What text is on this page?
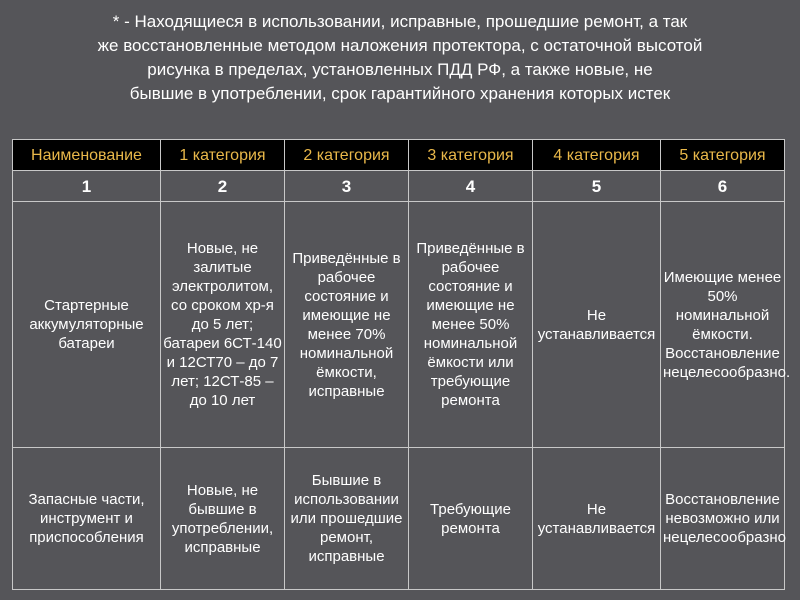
* - Находящиеся в использовании, исправные, прошедшие ремонт, а так
же восстановленные методом наложения протектора, с остаточной высотой
рисунка в пределах, установленных ПДД РФ, а также новые, не
бывшие в употреблении, срок гарантийного хранения которых истек
Наименование	1 категория	2 категория	3 категория	4 категория	5 категория
1	2	3	4	5	6
Стартерные аккумуляторные батареи	Новые, не залитые электролитом, со сроком хр-я до 5 лет; батареи 6СТ-140 и 12СТ70 – до 7 лет; 12СТ-85 – до 10 лет	Приведённые в рабочее состояние и имеющие не менее 70% номинальной ёмкости, исправные	Приведённые в рабочее состояние и имеющие не менее 50% номинальной ёмкости или требующие ремонта	Не устанавливается	Имеющие менее 50% номинальной ёмкости. Восстановление нецелесообразно.
Запасные части, инструмент и приспособления	Новые, не бывшие в употреблении, исправные	Бывшие в использовании или прошедшие ремонт, исправные	Требующие ремонта	Не устанавливается	Восстановление невозможно или нецелесообразно
